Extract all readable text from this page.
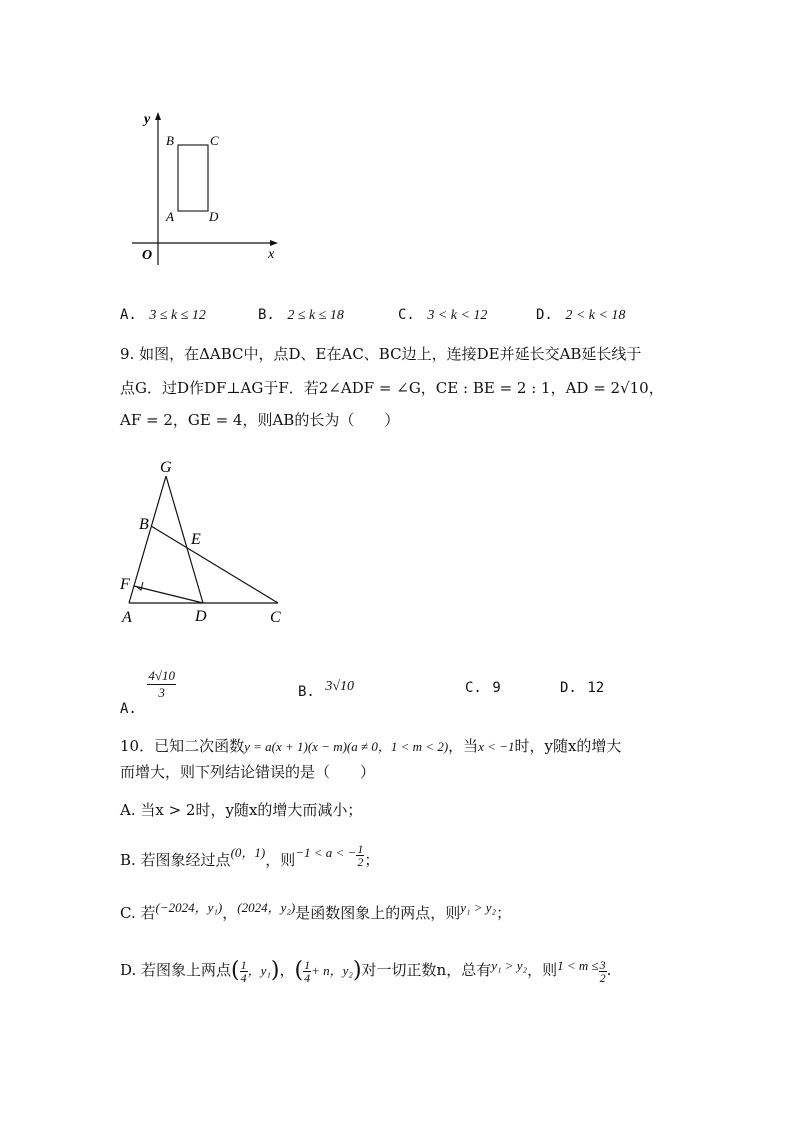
y
x
O
B	C
A	D
A. 3 ≤ k ≤ 12	B. 2 ≤ k ≤ 18	C. 3 < k < 12	D. 2 < k < 18
9. 如图，在ΔABC中，点D、E在AC、BC边上，连接DE并延长交AB延长线于
点G．过D作DF⊥AG于F．若2∠ADF = ∠G，CE : BE = 2 : 1，AD = 2√10，
AF = 2，GE = 4，则AB的长为（　　）
G
B
E
F
A	D	C
A.
$\frac{4√10}{3}$	B. 3√10	C. 9	D. 12
10．已知二次函数y = a(x + 1)(x − m)(a ≠ 0，1 < m < 2)，当x < −1时，y随x的增大
而增大，则下列结论错误的是（　　）
A. 当x > 2时，y随x的增大而减小；
B. 若图象经过点(0，1)，则−1 < a < − $\frac{1}{2}$ ；
C. 若(−2024，y₁)，(2024，y₂)是函数图象上的两点，则y₁ > y₂；
D. 若图象上两点( $\frac{1}{4}$ ，y₁)，( $\frac{1}{4} + n$，y₂)对一切正数n，总有y₁ > y₂，则$1 < m \le \frac{3}{2}$ .
